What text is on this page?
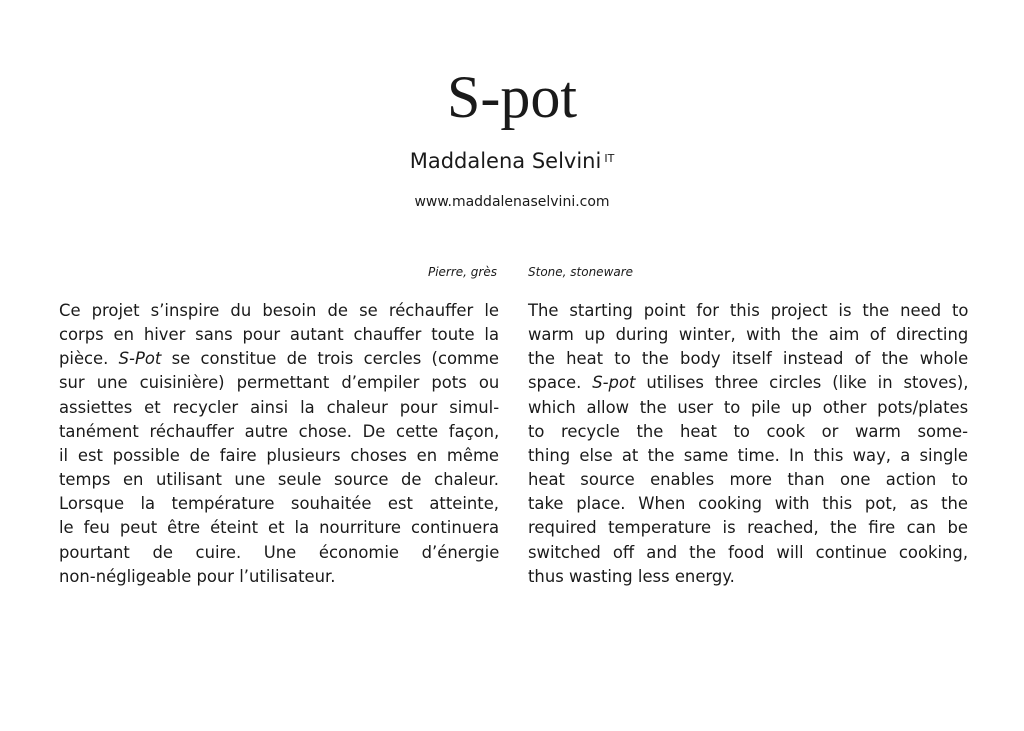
S-pot
Maddalena Selvini $^{IT}$
www.maddalenaselvini.com
Pierre, grès	Stone, stoneware
Ce projet s’inspire du besoin de se réchauffer le
corps en hiver sans pour autant chauffer toute la
pièce. S-Pot se constitue de trois cercles (comme
sur une cuisinière) permettant d’empiler pots ou
assiettes et recycler ainsi la chaleur pour simul-
tanément réchauffer autre chose. De cette façon,
il est possible de faire plusieurs choses en même
temps en utilisant une seule source de chaleur.
Lorsque la température souhaitée est atteinte,
le feu peut être éteint et la nourriture continuera
pourtant de cuire. Une économie d’énergie
non-négligeable pour l’utilisateur.
The starting point for this project is the need to
warm up during winter, with the aim of directing
the heat to the body itself instead of the whole
space. S-pot utilises three circles (like in stoves),
which allow the user to pile up other pots/plates
to recycle the heat to cook or warm some-
thing else at the same time. In this way, a single
heat source enables more than one action to
take place. When cooking with this pot, as the
required temperature is reached, the fire can be
switched off and the food will continue cooking,
thus wasting less energy.
